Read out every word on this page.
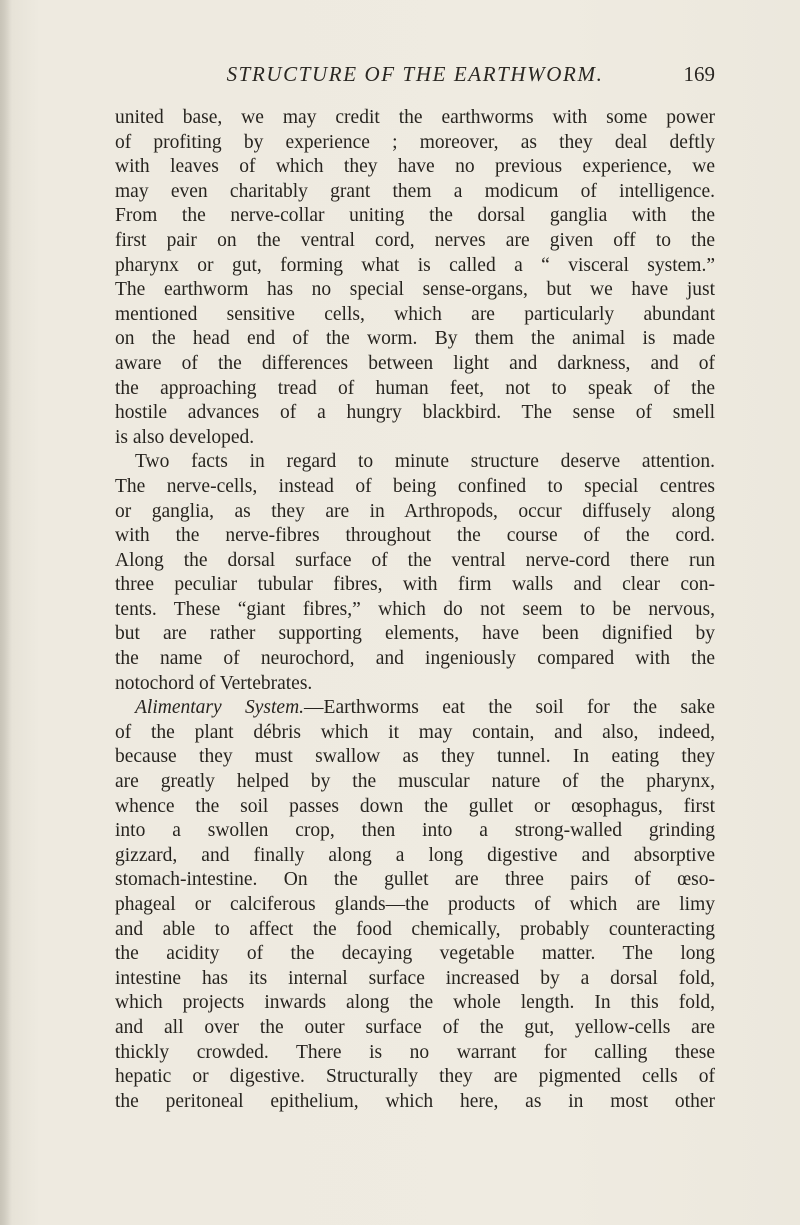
STRUCTURE OF THE EARTHWORM.	169
united base, we may credit the earthworms with some power
of profiting by experience ; moreover, as they deal deftly
with leaves of which they have no previous experience, we
may even charitably grant them a modicum of intelligence.
From the nerve-collar uniting the dorsal ganglia with the
first pair on the ventral cord, nerves are given off to the
pharynx or gut, forming what is called a “ visceral system.”
The earthworm has no special sense-organs, but we have just
mentioned sensitive cells, which are particularly abundant
on the head end of the worm. By them the animal is made
aware of the differences between light and darkness, and of
the approaching tread of human feet, not to speak of the
hostile advances of a hungry blackbird. The sense of smell
is also developed.
Two facts in regard to minute structure deserve attention.
The nerve-cells, instead of being confined to special centres
or ganglia, as they are in Arthropods, occur diffusely along
with the nerve-fibres throughout the course of the cord.
Along the dorsal surface of the ventral nerve-cord there run
three peculiar tubular fibres, with firm walls and clear con-
tents. These “giant fibres,” which do not seem to be nervous,
but are rather supporting elements, have been dignified by
the name of neurochord, and ingeniously compared with the
notochord of Vertebrates.
Alimentary System.—Earthworms eat the soil for the sake
of the plant débris which it may contain, and also, indeed,
because they must swallow as they tunnel. In eating they
are greatly helped by the muscular nature of the pharynx,
whence the soil passes down the gullet or œsophagus, first
into a swollen crop, then into a strong-walled grinding
gizzard, and finally along a long digestive and absorptive
stomach-intestine. On the gullet are three pairs of œso-
phageal or calciferous glands—the products of which are limy
and able to affect the food chemically, probably counteracting
the acidity of the decaying vegetable matter. The long
intestine has its internal surface increased by a dorsal fold,
which projects inwards along the whole length. In this fold,
and all over the outer surface of the gut, yellow-cells are
thickly crowded. There is no warrant for calling these
hepatic or digestive. Structurally they are pigmented cells of
the peritoneal epithelium, which here, as in most other
